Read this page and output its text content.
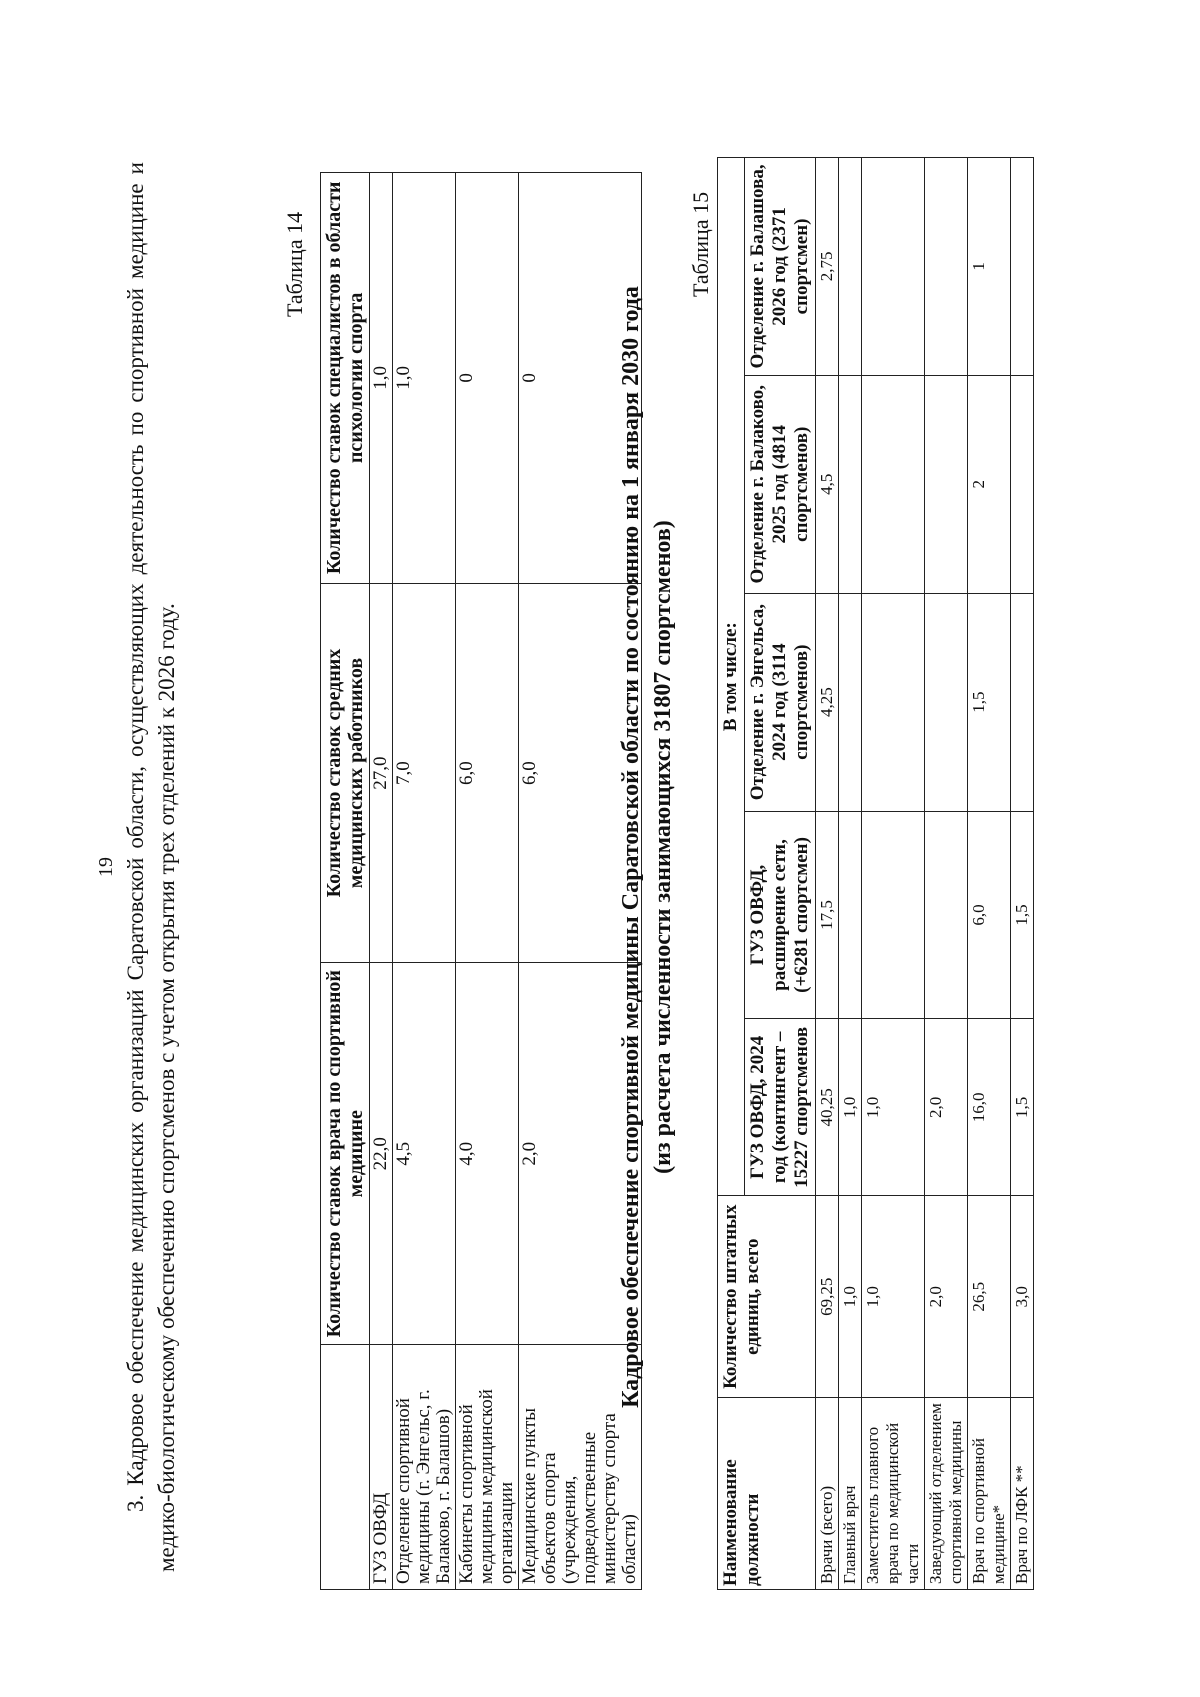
19 3. Кадровое обеспечение медицинских организаций Саратовской области, осуществляющих деятельность по спортивной медицине и медико-биологическому обеспечению спортсменов с учетом открытия трех отделений к 2026 году.
Таблица 14
	Количество ставок врача по спортивной медицине	Количество ставок средних медицинских работников	Количество ставок специалистов в области психологии спорта
ГУЗ ОВФД	22,0	27,0	1,0
Отделение спортивной медицины (г. Энгельс, г. Балаково, г. Балашов)	4,5	7,0	1,0
Кабинеты спортивной медицины медицинской организации	4,0	6,0	0
Медицинские пункты объектов спорта (учреждения, подведомственные министерству спорта области)	2,0	6,0	0	Кадровое обеспечение спортивной медицины Саратовской области по состоянию на 1 января 2030 года (из расчета численности занимающихся 31807 спортсменов)
Таблица 15
Наименование должности	Количество штатных единиц, всего	В том числе:				
		ГУЗ ОВФД, 2024 год (контингент – 15227 спортсменов	ГУЗ ОВФД, расширение сети, (+6281 спортсмен)	Отделение г. Энгельса, 2024 год (3114 спортсменов)	Отделение г. Балаково, 2025 год (4814 спортсменов)	Отделение г. Балашова, 2026 год (2371 спортсмен)
Врачи (всего)	69,25	40,25	17,5	4,25	4,5	2,75
Главный врач	1,0	1,0				
Заместитель главного врача по медицинской части	1,0	1,0				
Заведующий отделением спортивной медицины	2,0	2,0				
Врач по спортивной медицине*	26,5	16,0	6,0	1,5	2	1
Врач по ЛФК **	3,0	1,5	1,5			
